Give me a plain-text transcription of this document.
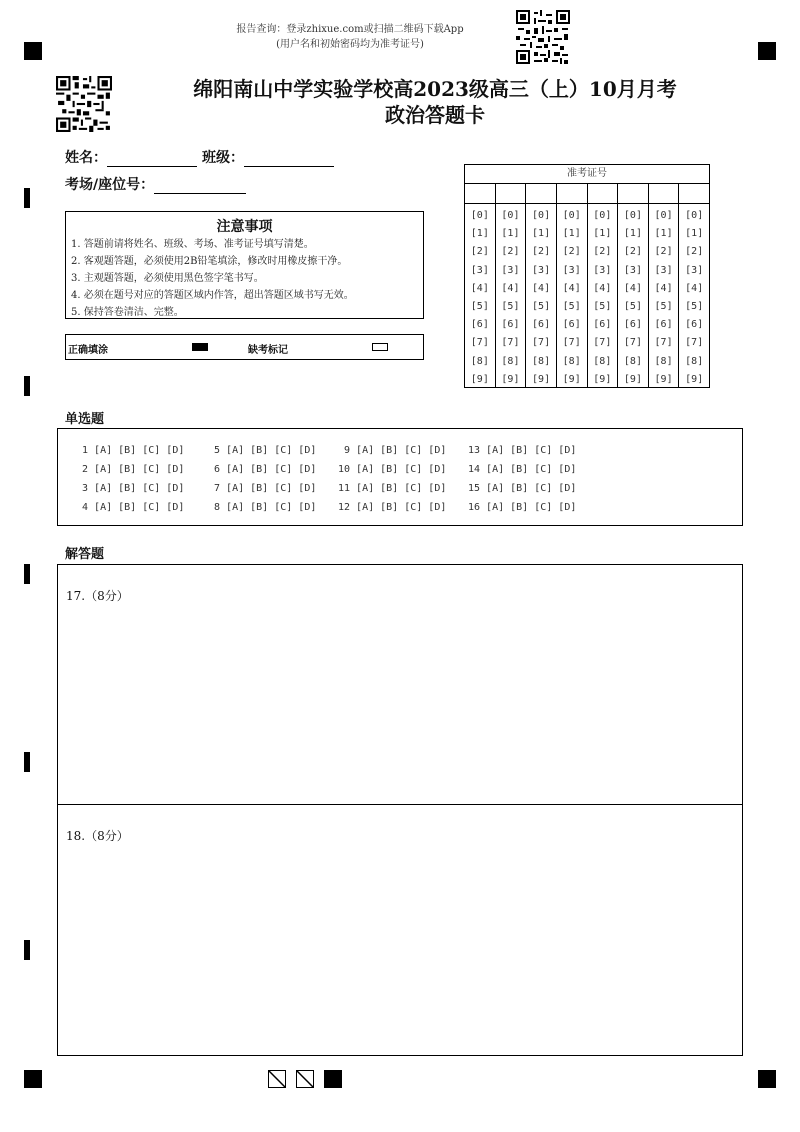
报告查询：登录zhixue.com或扫描二维码下载App
(用户名和初始密码均为准考证号)
绵阳南山中学实验学校高2023级高三（上）10月月考
政治答题卡
姓名：	班级：
考场/座位号：
注意事项
1. 答题前请将姓名、班级、考场、准考证号填写清楚。
2. 客观题答题，必须使用2B铅笔填涂，修改时用橡皮擦干净。
3. 主观题答题，必须使用黑色签字笔书写。
4. 必须在题号对应的答题区域内作答，超出答题区域书写无效。
5. 保持答卷清洁、完整。
正确填涂	缺考标记
准考证号
[0]
[1]
[2]
[3]
[4]
[5]
[6]
[7]
[8]
[9]
[0]
[1]
[2]
[3]
[4]
[5]
[6]
[7]
[8]
[9]
[0]
[1]
[2]
[3]
[4]
[5]
[6]
[7]
[8]
[9]
[0]
[1]
[2]
[3]
[4]
[5]
[6]
[7]
[8]
[9]
[0]
[1]
[2]
[3]
[4]
[5]
[6]
[7]
[8]
[9]
[0]
[1]
[2]
[3]
[4]
[5]
[6]
[7]
[8]
[9]
[0]
[1]
[2]
[3]
[4]
[5]
[6]
[7]
[8]
[9]
[0]
[1]
[2]
[3]
[4]
[5]
[6]
[7]
[8]
[9]
单选题
1 [A] [B] [C] [D]
2 [A] [B] [C] [D]
3 [A] [B] [C] [D]
4 [A] [B] [C] [D]
5 [A] [B] [C] [D]
6 [A] [B] [C] [D]
7 [A] [B] [C] [D]
8 [A] [B] [C] [D]
9 [A] [B] [C] [D]
10 [A] [B] [C] [D]
11 [A] [B] [C] [D]
12 [A] [B] [C] [D]
13 [A] [B] [C] [D]
14 [A] [B] [C] [D]
15 [A] [B] [C] [D]
16 [A] [B] [C] [D]
解答题
17.（8分）
18.（8分）
